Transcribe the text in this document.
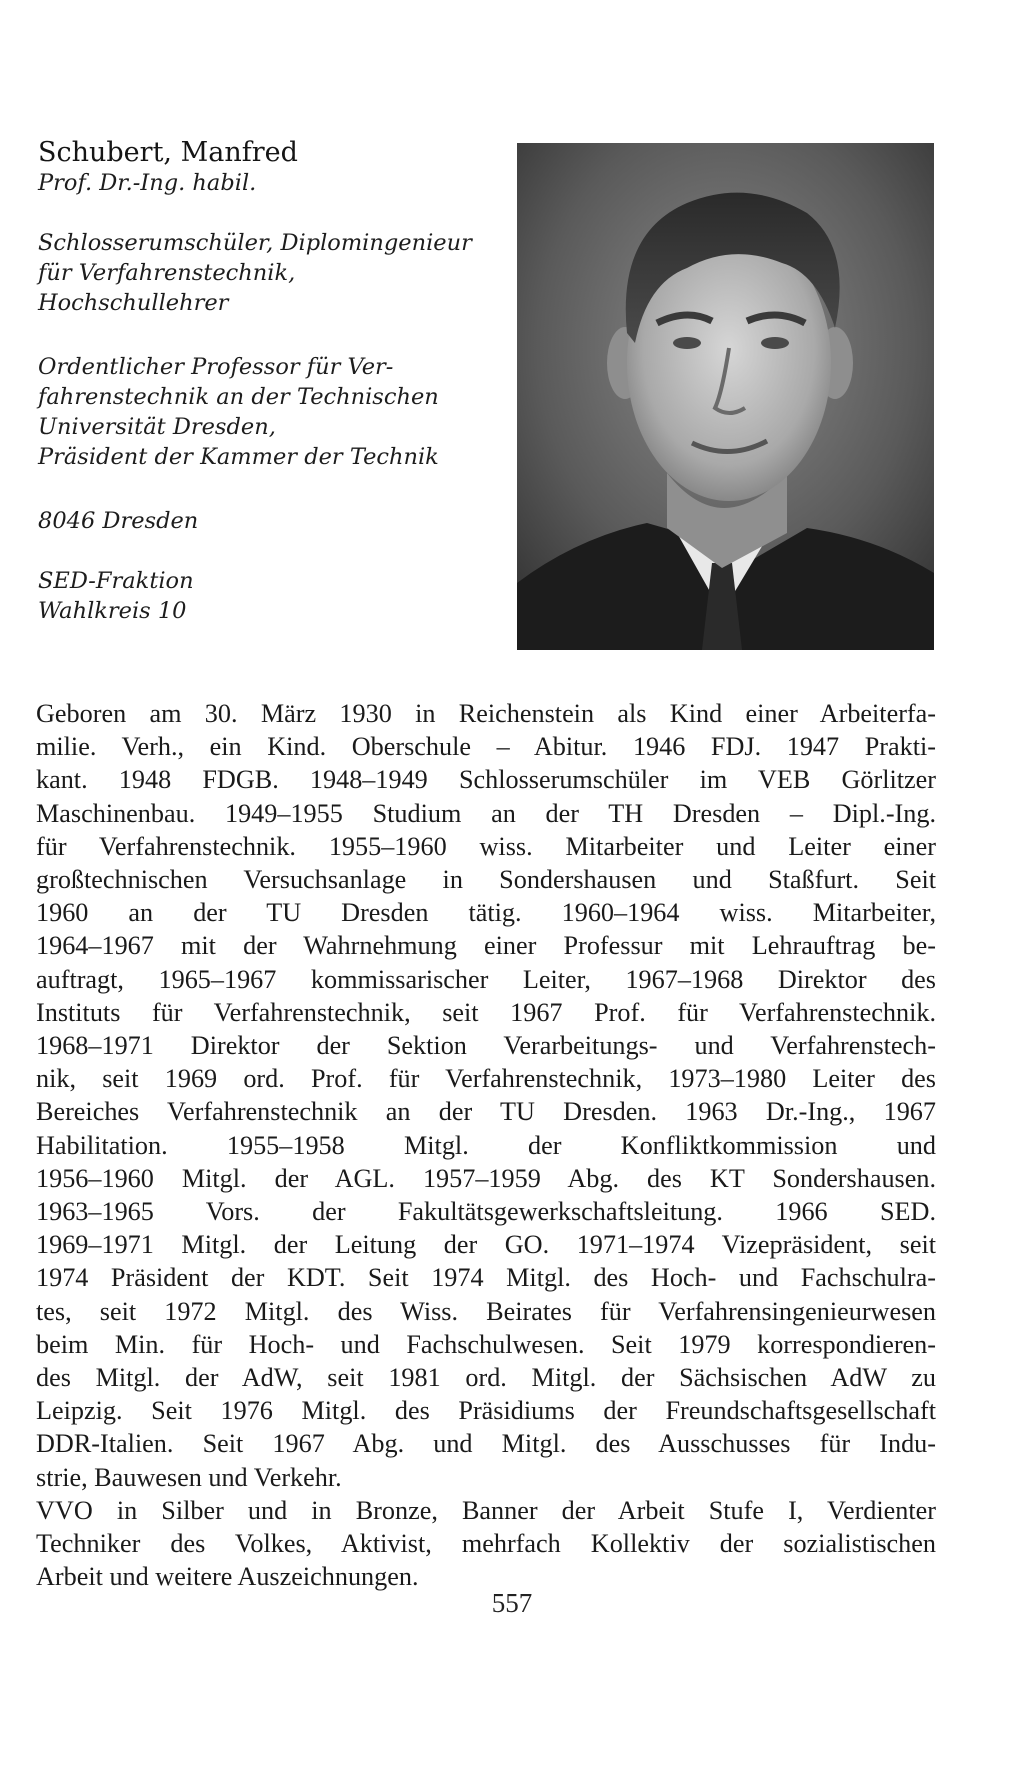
Schubert, Manfred

Prof. Dr.-Ing. habil.

Schlosserumschüler, Diplomingenieur
für Verfahrenstechnik,
Hochschullehrer
Ordentlicher Professor für Ver-
fahrenstechnik an der Technischen
Universität Dresden,
Präsident der Kammer der Technik
8046 Dresden
SED-Fraktion
Wahlkreis 10
Geboren am 30. März 1930 in Reichenstein als Kind einer Arbeiterfa-
milie. Verh., ein Kind. Oberschule – Abitur. 1946 FDJ. 1947 Prakti-
kant. 1948 FDGB. 1948–1949 Schlosserumschüler im VEB Görlitzer
Maschinenbau. 1949–1955 Studium an der TH Dresden – Dipl.-Ing.
für Verfahrenstechnik. 1955–1960 wiss. Mitarbeiter und Leiter einer
großtechnischen Versuchsanlage in Sondershausen und Staßfurt. Seit
1960 an der TU Dresden tätig. 1960–1964 wiss. Mitarbeiter,
1964–1967 mit der Wahrnehmung einer Professur mit Lehrauftrag be-
auftragt, 1965–1967 kommissarischer Leiter, 1967–1968 Direktor des
Instituts für Verfahrenstechnik, seit 1967 Prof. für Verfahrenstechnik.
1968–1971 Direktor der Sektion Verarbeitungs- und Verfahrenstech-
nik, seit 1969 ord. Prof. für Verfahrenstechnik, 1973–1980 Leiter des
Bereiches Verfahrenstechnik an der TU Dresden. 1963 Dr.-Ing., 1967
Habilitation. 1955–1958 Mitgl. der Konfliktkommission und
1956–1960 Mitgl. der AGL. 1957–1959 Abg. des KT Sondershausen.
1963–1965 Vors. der Fakultätsgewerkschaftsleitung. 1966 SED.
1969–1971 Mitgl. der Leitung der GO. 1971–1974 Vizepräsident, seit
1974 Präsident der KDT. Seit 1974 Mitgl. des Hoch- und Fachschulra-
tes, seit 1972 Mitgl. des Wiss. Beirates für Verfahrensingenieurwesen
beim Min. für Hoch- und Fachschulwesen. Seit 1979 korrespondieren-
des Mitgl. der AdW, seit 1981 ord. Mitgl. der Sächsischen AdW zu
Leipzig. Seit 1976 Mitgl. des Präsidiums der Freundschaftsgesellschaft
DDR-Italien. Seit 1967 Abg. und Mitgl. des Ausschusses für Indu-
strie, Bauwesen und Verkehr.
VVO in Silber und in Bronze, Banner der Arbeit Stufe I, Verdienter
Techniker des Volkes, Aktivist, mehrfach Kollektiv der sozialistischen
Arbeit und weitere Auszeichnungen.
557
